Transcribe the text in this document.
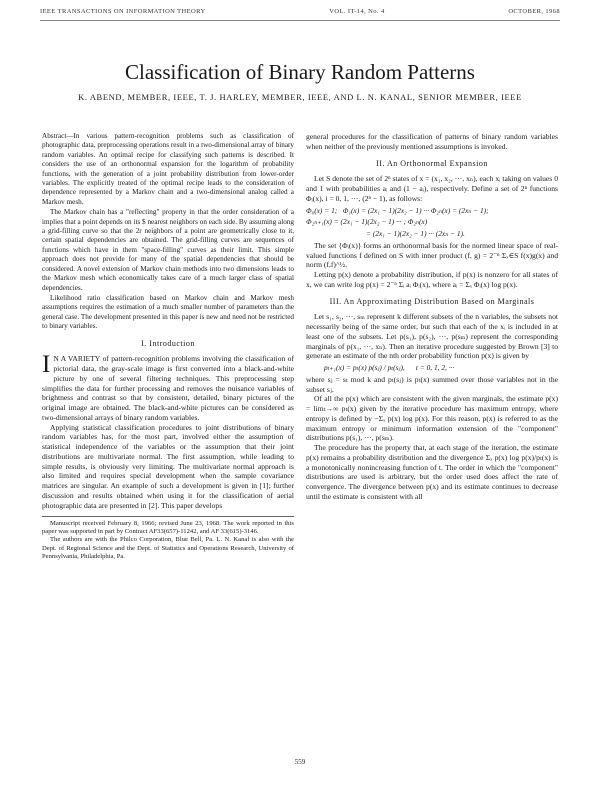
IEEE TRANSACTIONS ON INFORMATION THEORY	VOL. IT-14, No. 4	OCTOBER, 1968
Classification of Binary Random Patterns
K. ABEND, MEMBER, IEEE, T. J. HARLEY, MEMBER, IEEE, AND L. N. KANAL, SENIOR MEMBER, IEEE

Abstract—In various pattern-recognition problems such as classification of photographic data, preprocessing operations result in a two-dimensional array of binary random variables. An optimal recipe for classifying such patterns is described. It considers the use of an orthonormal expansion for the logarithm of probability functions, with the generation of a joint probability distribution from lower-order variables. The explicitly treated of the optimal recipe leads to the consideration of dependence represented by a Markov chain and a two-dimensional analog called a Markov mesh.

The Markov chain has a "reflecting" property in that the order consideration of a implies that a point depends on its $ nearest neighbors on each side. By assuming along a grid-filling curve so that the 2r neighbors of a point are geometrically close to it, certain spatial dependencies are obtained. The grid-filling curves are sequences of functions which have in them "space-filling" curves as their limit. This simple approach does not provide for many of the spatial dependencies that should be considered. A novel extension of Markov chain methods into two dimensions leads to the Markov mesh which economically takes care of a much larger class of spatial dependencies.

Likelihood ratio classification based on Markov chain and Markov mesh assumptions requires the estimation of a much smaller number of parameters than the general case. The development presented in this paper is new and need not be restricted to binary variables.

I. Introduction

I N A VARIETY of pattern-recognition problems involving the classification of pictorial data, the gray-scale image is first converted into a black-and-white picture by one of several filtering techniques. This preprocessing step simplifies the data for further processing and removes the nuisance variables of brightness and contrast so that by consistent, detailed, binary pictures of the original image are obtained. The black-and-white pictures can be considered as two-dimensional arrays of binary random variables.

Applying statistical classification procedures to joint distributions of binary random variables has, for the most part, involved either the assumption of statistical independence of the variables or the assumption that their joint distributions are multivariate normal. The first assumption, while leading to simple results, is obviously very limiting. The multivariate normal approach is also limited and requires special development when the sample covariance matrices are singular. An example of such a development is given in [1]; further discussion and results obtained when using it for the classification of aerial photographic data are presented in [2]. This paper develops

Manuscript received February 8, 1966; revised June 23, 1968. The work reported in this paper was supported in part by Contract AF33(657)-11242, and AF 33(615)-3146.

The authors are with the Philco Corporation, Blue Bell, Pa. L. N. Kanal is also with the Dept. of Regional Science and the Dept. of Statistics and Operations Research, University of Pennsylvania, Philadelphia, Pa.

general procedures for the classification of patterns of binary random variables when neither of the previously mentioned assumptions is invoked.

II. An Orthonormal Expansion

Let S denote the set of 2ⁿ states of x = (x₁, x₂, ···, xₙ), each xᵢ taking on values 0 and 1 with probabilities aᵢ and (1 − aᵢ), respectively. Define a set of 2ⁿ functions Φᵢ(x), i = 0, 1, ···, (2ⁿ − 1), as follows:

Φ₀(x) = 1;   Φ₁(x) = (2x₁ − 1)(2x₂ − 1) ··· Φ₂ₙ(x) = (2xₙ − 1);
Φ₂ₙ₊₁(x) = (2x₁ − 1)(2x₂ − 1) ··· ; Φ₂ₙ(x)
= (2x₁ − 1)(2x₂ − 1) ··· (2xₙ − 1).

The set {Φᵢ(x)} forms an orthonormal basis for the normed linear space of real-valued functions f defined on S with inner product (f, g) = 2⁻ⁿ Σₓ∈S f(x)g(x) and norm (f,f)^½.

Letting p(x) denote a probability distribution, if p(x) is nonzero for all states of x, we can write log p(x) = 2⁻ⁿ Σᵢ aᵢ Φᵢ(x), where aᵢ = Σₓ Φᵢ(x) log p(x).

III. An Approximating Distribution Based on Marginals

Let s₁, s₂, ···, sₘ represent k different subsets of the n variables, the subsets not necessarily being of the same order, but such that each of the xᵢ is included in at least one of the subsets. Let p(s₁), p(s₂), ···, p(sₘ) represent the corresponding marginals of p(x₁, ···, xₙ). Then an iterative procedure suggested by Brown [3] to generate an estimate of the nth order probability function p(x) is given by

pₜ₊₁(x) = pₜ(x) p(sⱼ) / pₜ(sⱼ),      t = 0, 1, 2, ···

where sⱼ = sₜ mod k and pₜ(sⱼ) is pₜ(x) summed over those variables not in the subset sⱼ.

Of all the p(x) which are consistent with the given marginals, the estimate p(x) = limₜ→∞ pₜ(x) given by the iterative procedure has maximum entropy, where entropy is defined by −Σₓ p(x) log p(x). For this reason, p(x) is referred to as the maximum entropy or minimum information extension of the "component" distributions p(s₁), ···, p(sₘ).

The procedure has the property that, at each stage of the iteration, the estimate p(x) remains a probability distribution and the divergence Σₓ p(x) log p(x)/pₜ(x) is a monotonically nonincreasing function of t. The order in which the "component" distributions are used is arbitrary, but the order used does affect the rate of convergence. The divergence between p(x) and its estimate continues to decrease until the estimate is consistent with all

559
